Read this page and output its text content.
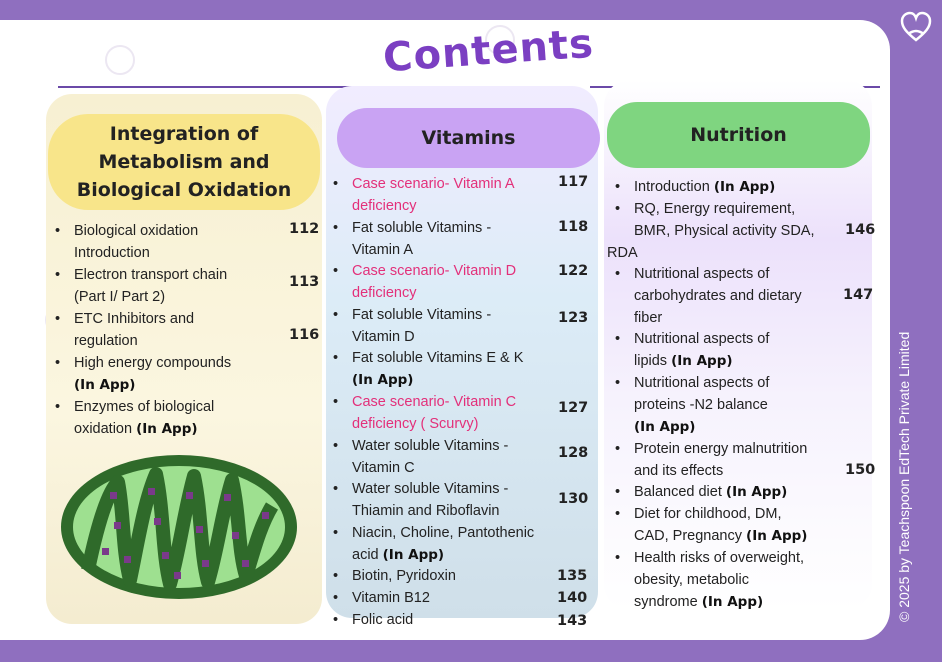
Contents
Integration of
Metabolism and
Biological Oxidation
Vitamins	Nutrition
• Biological oxidation
Introduction
112
• Electron transport chain
(Part I/ Part 2)
113
• ETC Inhibitors and
regulation	116
• High energy compounds
(In App)
• Enzymes of biological
oxidation (In App)
• Case scenario- Vitamin A
deficiency
117
• Fat soluble Vitamins -
Vitamin A
118
• Case scenario- Vitamin D
deficiency
122
• Fat soluble Vitamins -
Vitamin D
123
• Fat soluble Vitamins E & K
(In App)
• Case scenario- Vitamin C
deficiency ( Scurvy)
127
• Water soluble Vitamins -
Vitamin C
128
• Water soluble Vitamins -
Thiamin and Riboflavin
130
• Niacin, Choline, Pantothenic
acid (In App)
• Biotin, Pyridoxin	135
• Vitamin B12	140
• Folic acid	143
• Introduction (In App)
• RQ, Energy requirement,
BMR, Physical activity SDA,
RDA
146
• Nutritional aspects of
carbohydrates and dietary
fiber
147
• Nutritional aspects of
lipids (In App)
• Nutritional aspects of
proteins -N2 balance
(In App)
• Protein energy malnutrition
and its effects	150
• Balanced diet (In App)
• Diet for childhood, DM,
CAD, Pregnancy (In App)
• Health risks of overweight,
obesity, metabolic
syndrome (In App)	© 2025 by Teachspoon EdTech Private Limited
